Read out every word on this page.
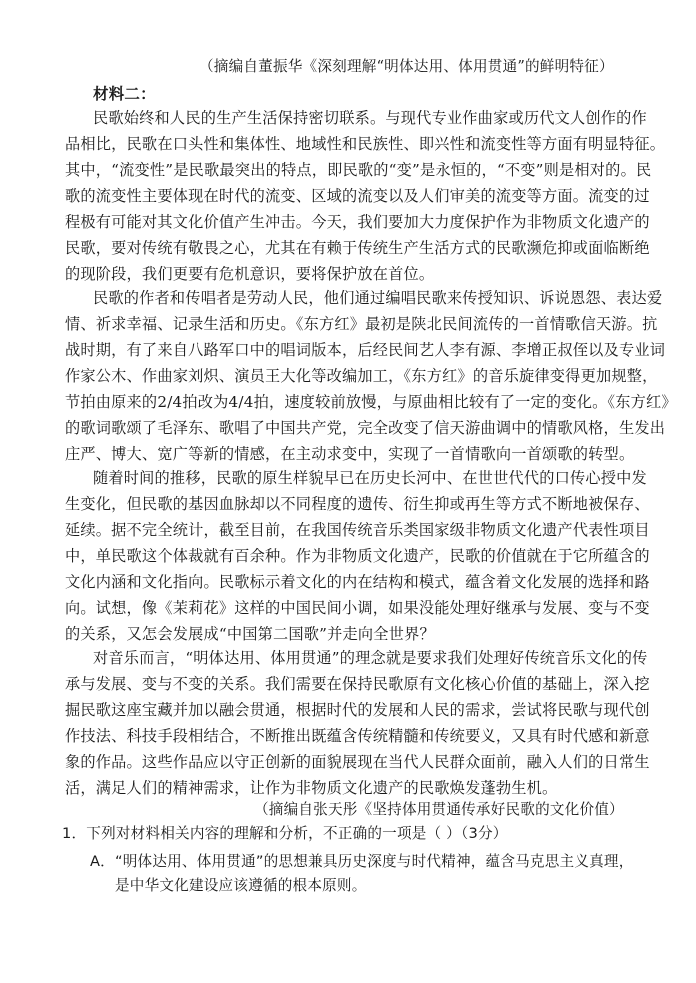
（摘编自董振华《深刻理解“明体达用、体用贯通”的鲜明特征）
材料二：
民歌始终和人民的生产生活保持密切联系。与现代专业作曲家或历代文人创作的作
品相比，民歌在口头性和集体性、地域性和民族性、即兴性和流变性等方面有明显特征。
其中，“流变性”是民歌最突出的特点，即民歌的“变”是永恒的，“不变”则是相对的。民
歌的流变性主要体现在时代的流变、区域的流变以及人们审美的流变等方面。流变的过
程极有可能对其文化价值产生冲击。今天，我们要加大力度保护作为非物质文化遗产的
民歌，要对传统有敬畏之心，尤其在有赖于传统生产生活方式的民歌濒危抑或面临断绝
的现阶段，我们更要有危机意识，要将保护放在首位。
民歌的作者和传唱者是劳动人民，他们通过编唱民歌来传授知识、诉说恩怨、表达爱
情、祈求幸福、记录生活和历史。《东方红》最初是陕北民间流传的一首情歌信天游。抗
战时期，有了来自八路军口中的唱词版本，后经民间艺人李有源、李增正叔侄以及专业词
作家公木、作曲家刘炽、演员王大化等改编加工，《东方红》的音乐旋律变得更加规整，
节拍由原来的2/4拍改为4/4拍，速度较前放慢，与原曲相比较有了一定的变化。《东方红》
的歌词歌颂了毛泽东、歌唱了中国共产党，完全改变了信天游曲调中的情歌风格，生发出
庄严、博大、宽广等新的情感，在主动求变中，实现了一首情歌向一首颂歌的转型。
随着时间的推移，民歌的原生样貌早已在历史长河中、在世世代代的口传心授中发
生变化，但民歌的基因血脉却以不同程度的遗传、衍生抑或再生等方式不断地被保存、
延续。据不完全统计，截至目前，在我国传统音乐类国家级非物质文化遗产代表性项目
中，单民歌这个体裁就有百余种。作为非物质文化遗产，民歌的价值就在于它所蕴含的
文化内涵和文化指向。民歌标示着文化的内在结构和模式，蕴含着文化发展的选择和路
向。试想，像《茉莉花》这样的中国民间小调，如果没能处理好继承与发展、变与不变
的关系，又怎会发展成“中国第二国歌”并走向全世界？
对音乐而言，“明体达用、体用贯通”的理念就是要求我们处理好传统音乐文化的传
承与发展、变与不变的关系。我们需要在保持民歌原有文化核心价值的基础上，深入挖
掘民歌这座宝藏并加以融会贯通，根据时代的发展和人民的需求，尝试将民歌与现代创
作技法、科技手段相结合，不断推出既蕴含传统精髓和传统要义，又具有时代感和新意
象的作品。这些作品应以守正创新的面貌展现在当代人民群众面前，融入人们的日常生
活，满足人们的精神需求，让作为非物质文化遗产的民歌焕发蓬勃生机。
（摘编自张天彤《坚持体用贯通传承好民歌的文化价值）
1．下列对材料相关内容的理解和分析，不正确的一项是（ ）（3分）
A．“明体达用、体用贯通”的思想兼具历史深度与时代精神，蕴含马克思主义真理，
是中华文化建设应该遵循的根本原则。
